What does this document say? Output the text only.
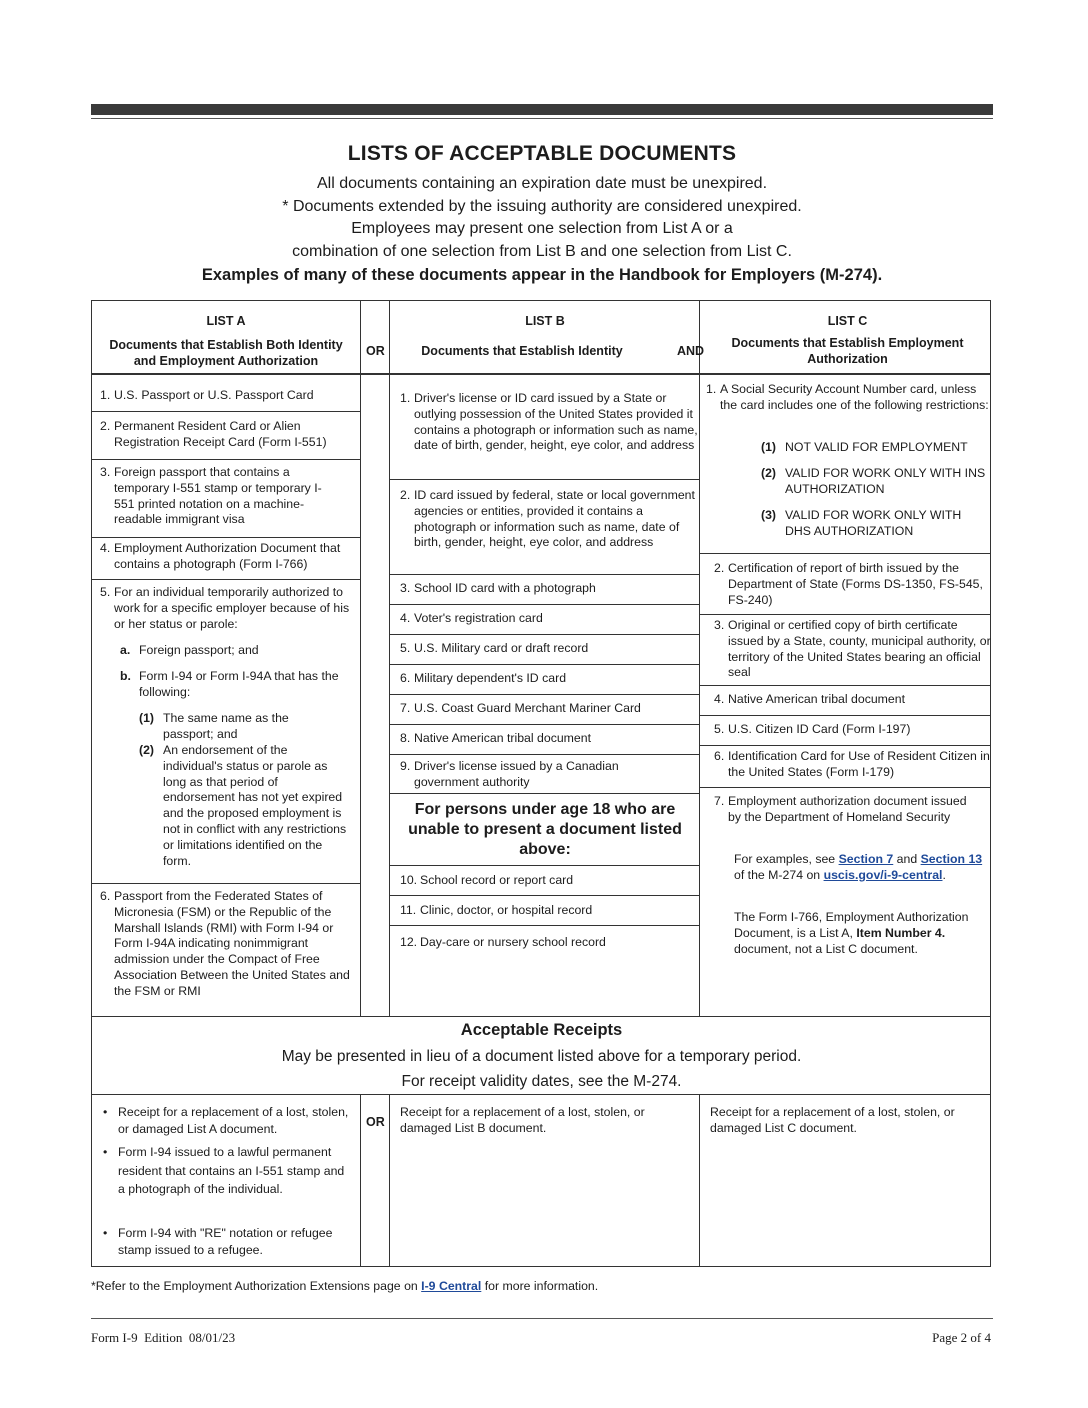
LISTS OF ACCEPTABLE DOCUMENTS
All documents containing an expiration date must be unexpired.
* Documents extended by the issuing authority are considered unexpired.
Employees may present one selection from List A or a
combination of one selection from List B and one selection from List C.
Examples of many of these documents appear in the Handbook for Employers (M-274).
LIST A
Documents that Establish Both Identity and Employment Authorization
OR
LIST B
Documents that Establish Identity	AND
LIST C
Documents that Establish Employment Authorization
1. U.S. Passport or U.S. Passport Card
2. Permanent Resident Card or Alien Registration Receipt Card (Form I-551)
3. Foreign passport that contains a temporary I-551 stamp or temporary I-551 printed notation on a machine-readable immigrant visa
4. Employment Authorization Document that contains a photograph (Form I-766)
5. For an individual temporarily authorized to work for a specific employer because of his or her status or parole:
a. Foreign passport; and
b. Form I-94 or Form I-94A that has the following:
(1) The same name as the passport; and
(2) An endorsement of the individual's status or parole as long as that period of endorsement has not yet expired and the proposed employment is not in conflict with any restrictions or limitations identified on the form.
6. Passport from the Federated States of Micronesia (FSM) or the Republic of the Marshall Islands (RMI) with Form I-94 or Form I-94A indicating nonimmigrant admission under the Compact of Free Association Between the United States and the FSM or RMI
1. Driver's license or ID card issued by a State or outlying possession of the United States provided it contains a photograph or information such as name, date of birth, gender, height, eye color, and address
2. ID card issued by federal, state or local government agencies or entities, provided it contains a photograph or information such as name, date of birth, gender, height, eye color, and address
3. School ID card with a photograph
4. Voter's registration card
5. U.S. Military card or draft record
6. Military dependent's ID card
7. U.S. Coast Guard Merchant Mariner Card
8. Native American tribal document
9. Driver's license issued by a Canadian government authority
For persons under age 18 who are unable to present a document listed above:
10. School record or report card
11. Clinic, doctor, or hospital record
12. Day-care or nursery school record
1. A Social Security Account Number card, unless the card includes one of the following restrictions:
(1) NOT VALID FOR EMPLOYMENT
(2) VALID FOR WORK ONLY WITH INS AUTHORIZATION
(3) VALID FOR WORK ONLY WITH DHS AUTHORIZATION
2. Certification of report of birth issued by the Department of State (Forms DS-1350, FS-545, FS-240)
3. Original or certified copy of birth certificate issued by a State, county, municipal authority, or territory of the United States bearing an official seal
4. Native American tribal document
5. U.S. Citizen ID Card (Form I-197)
6. Identification Card for Use of Resident Citizen in the United States (Form I-179)
7. Employment authorization document issued by the Department of Homeland Security
For examples, see Section 7 and Section 13 of the M-274 on uscis.gov/i-9-central.
The Form I-766, Employment Authorization Document, is a List A, Item Number 4. document, not a List C document.
Acceptable Receipts
May be presented in lieu of a document listed above for a temporary period.
For receipt validity dates, see the M-274.
• Receipt for a replacement of a lost, stolen, or damaged List A document.
• Form I-94 issued to a lawful permanent resident that contains an I-551 stamp and a photograph of the individual.
• Form I-94 with "RE" notation or refugee stamp issued to a refugee.
OR
Receipt for a replacement of a lost, stolen, or damaged List B document.
Receipt for a replacement of a lost, stolen, or damaged List C document.
*Refer to the Employment Authorization Extensions page on I-9 Central for more information.
Form I-9  Edition  08/01/23	Page 2 of 4
